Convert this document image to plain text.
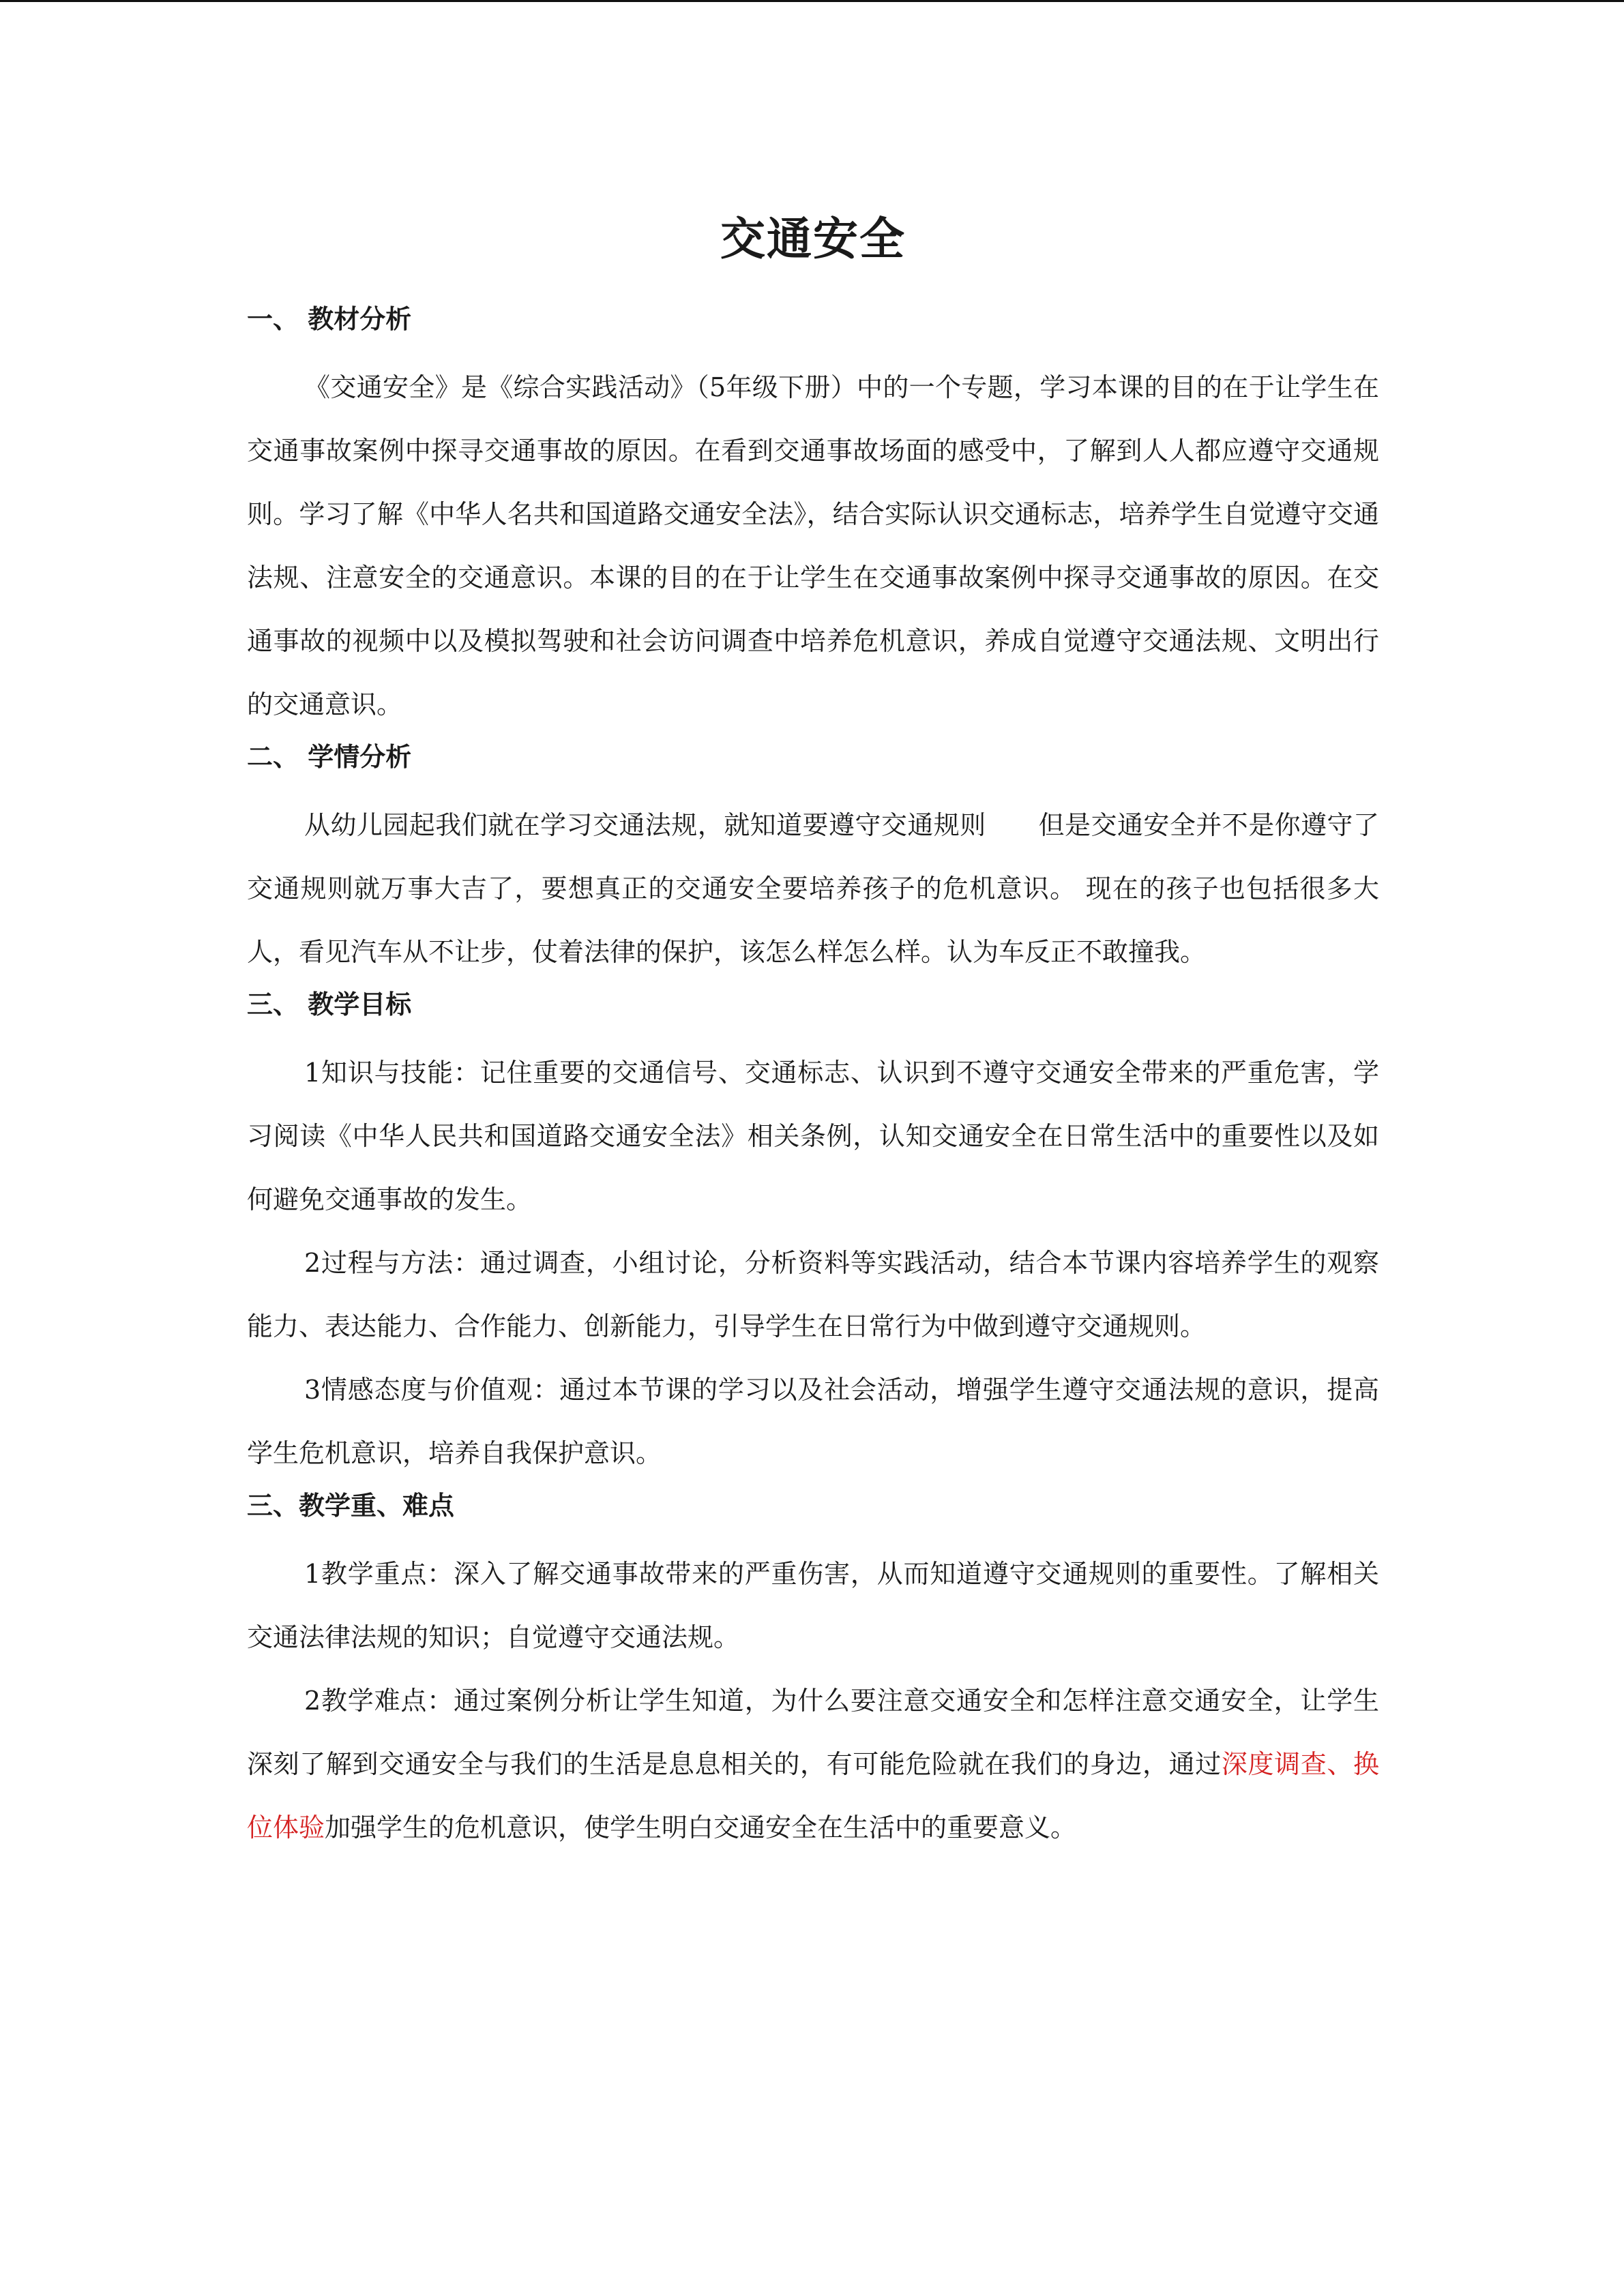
交通安全
一、 教材分析

《交通安全》是《综合实践活动》（5年级下册）中的一个专题，学习本课的目的在于让学生在交通事故案例中探寻交通事故的原因。在看到交通事故场面的感受中，了解到人人都应遵守交通规则。学习了解《中华人名共和国道路交通安全法》，结合实际认识交通标志，培养学生自觉遵守交通法规、注意安全的交通意识。本课的目的在于让学生在交通事故案例中探寻交通事故的原因。在交通事故的视频中以及模拟驾驶和社会访问调查中培养危机意识，养成自觉遵守交通法规、文明出行的交通意识。

二、 学情分析

从幼儿园起我们就在学习交通法规，就知道要遵守交通规则　　但是交通安全并不是你遵守了交通规则就万事大吉了，要想真正的交通安全要培养孩子的危机意识。 现在的孩子也包括很多大人，看见汽车从不让步，仗着法律的保护，该怎么样怎么样。认为车反正不敢撞我。

三、 教学目标

1知识与技能：记住重要的交通信号、交通标志、认识到不遵守交通安全带来的严重危害，学习阅读《中华人民共和国道路交通安全法》相关条例，认知交通安全在日常生活中的重要性以及如何避免交通事故的发生。

2过程与方法：通过调查，小组讨论，分析资料等实践活动，结合本节课内容培养学生的观察能力、表达能力、合作能力、创新能力，引导学生在日常行为中做到遵守交通规则。

3情感态度与价值观：通过本节课的学习以及社会活动，增强学生遵守交通法规的意识，提高学生危机意识，培养自我保护意识。

三、教学重、难点

1教学重点：深入了解交通事故带来的严重伤害，从而知道遵守交通规则的重要性。了解相关交通法律法规的知识；自觉遵守交通法规。

2教学难点：通过案例分析让学生知道，为什么要注意交通安全和怎样注意交通安全，让学生深刻了解到交通安全与我们的生活是息息相关的，有可能危险就在我们的身边，通过深度调查、换位体验加强学生的危机意识，使学生明白交通安全在生活中的重要意义。
